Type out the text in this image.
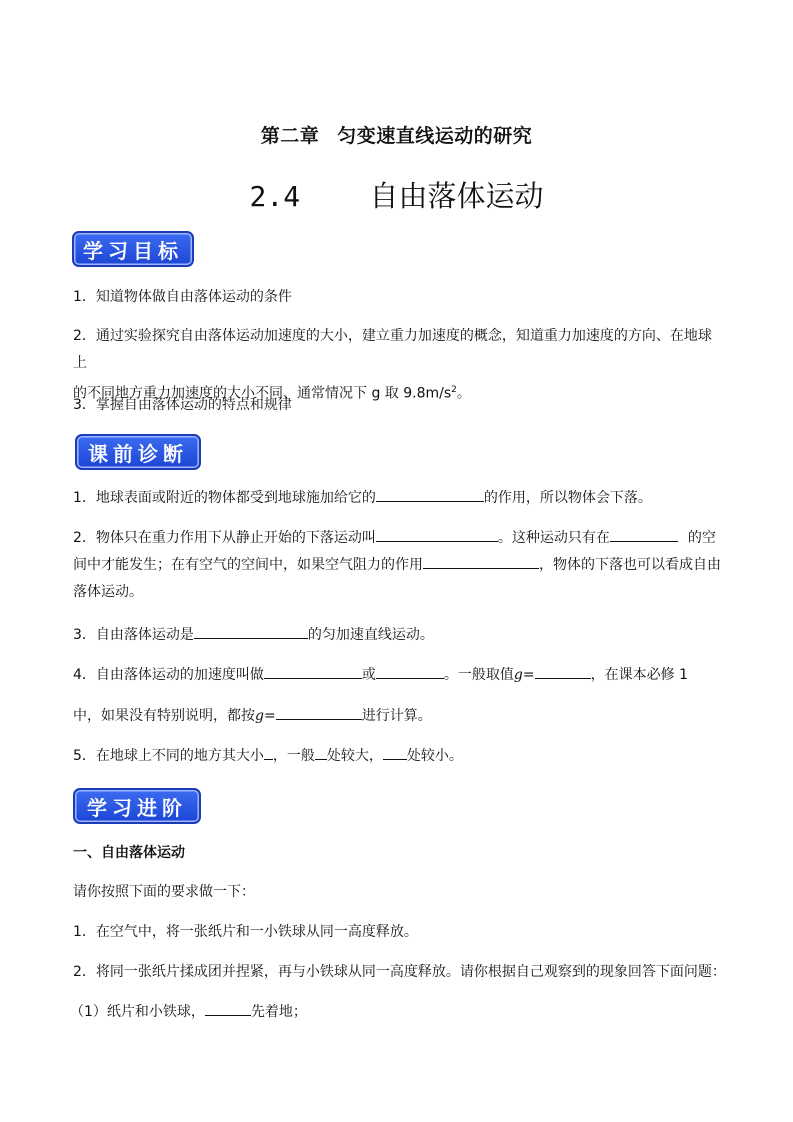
第二章 匀变速直线运动的研究
2.4 自由落体运动
学习目标
1．知道物体做自由落体运动的条件
2．通过实验探究自由落体运动加速度的大小，建立重力加速度的概念，知道重力加速度的方向、在地球上
的不同地方重力加速度的大小不同、通常情况下 g 取 $9.8m/s^2$。
3．掌握自由落体运动的特点和规律
课前诊断
1．地球表面或附近的物体都受到地球施加给它的	的作用，所以物体会下落。
2．物体只在重力作用下从静止开始的下落运动叫	。这种运动只有在	的空
间中才能发生；在有空气的空间中，如果空气阻力的作用	，物体的下落也可以看成自由
落体运动。
3．自由落体运动是	的匀加速直线运动。
4．自由落体运动的加速度叫做	或	。一般取值g=	，在课本必修 1
中，如果没有特别说明，都按g=	进行计算。
5．在地球上不同的地方其大小 ，一般 处较大， 处较小。
学习进阶
一、自由落体运动
请你按照下面的要求做一下：
1．在空气中，将一张纸片和一小铁球从同一高度释放。
2．将同一张纸片揉成团并捏紧，再与小铁球从同一高度释放。请你根据自己观察到的现象回答下面问题：
（1）纸片和小铁球，	先着地；
